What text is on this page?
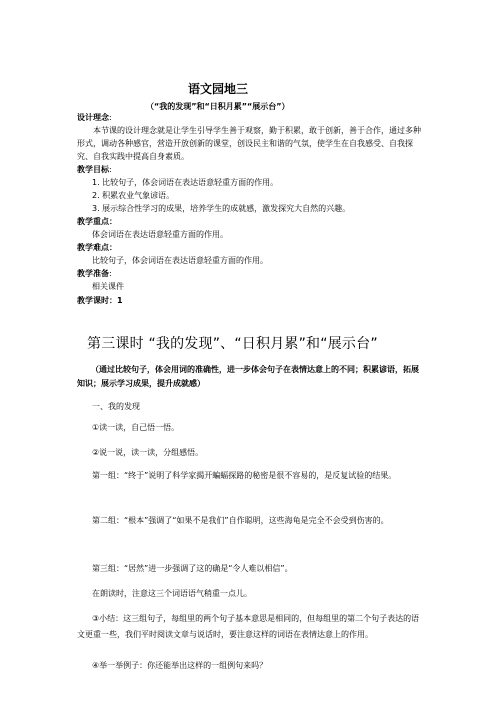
语文园地三
（“我的发现”和“日积月累”“展示台”）
设计理念:
本节课的设计理念就是让学生引导学生善于观察，勤于积累，敢于创新，善于合作，通过多种形式，调动各种感官，营造开放创新的课堂，创设民主和谐的气氛，使学生在自我感受、自我探究、自我实践中提高自身素质。
教学目标:
1. 比较句子，体会词语在表达语意轻重方面的作用。
2. 积累农业气象谚语。
3. 展示综合性学习的成果，培养学生的成就感，激发探究大自然的兴趣。
教学重点：
体会词语在表达语意轻重方面的作用。
教学难点：
比较句子，体会词语在表达语意轻重方面的作用。
教学准备:
相关课件
教学课时：1
第三课时 “我的发现”、“日积月累”和“展示台”
（通过比较句子，体会用词的准确性，进一步体会句子在表情达意上的不同；积累谚语，拓展知识；展示学习成果，提升成就感）
一、我的发现
①读一读，自己悟一悟。
②说一说，读一读，分组感悟。
第一组：“终于”说明了科学家揭开蝙蝠探路的秘密是很不容易的，是反复试验的结果。
第二组：“根本”强调了“如果不是我们”自作聪明，这些海龟是完全不会受到伤害的。
第三组：“居然”进一步强调了这的确是“令人难以相信”。
在朗读时，注意这三个词语语气稍重一点儿。
③小结：这三组句子，每组里的两个句子基本意思是相同的，但每组里的第二个句子表达的语文更重一些，我们平时阅读文章与说话时，要注意这样的词语在表情达意上的作用。
④举一举例子：你还能举出这样的一组例句来吗？
